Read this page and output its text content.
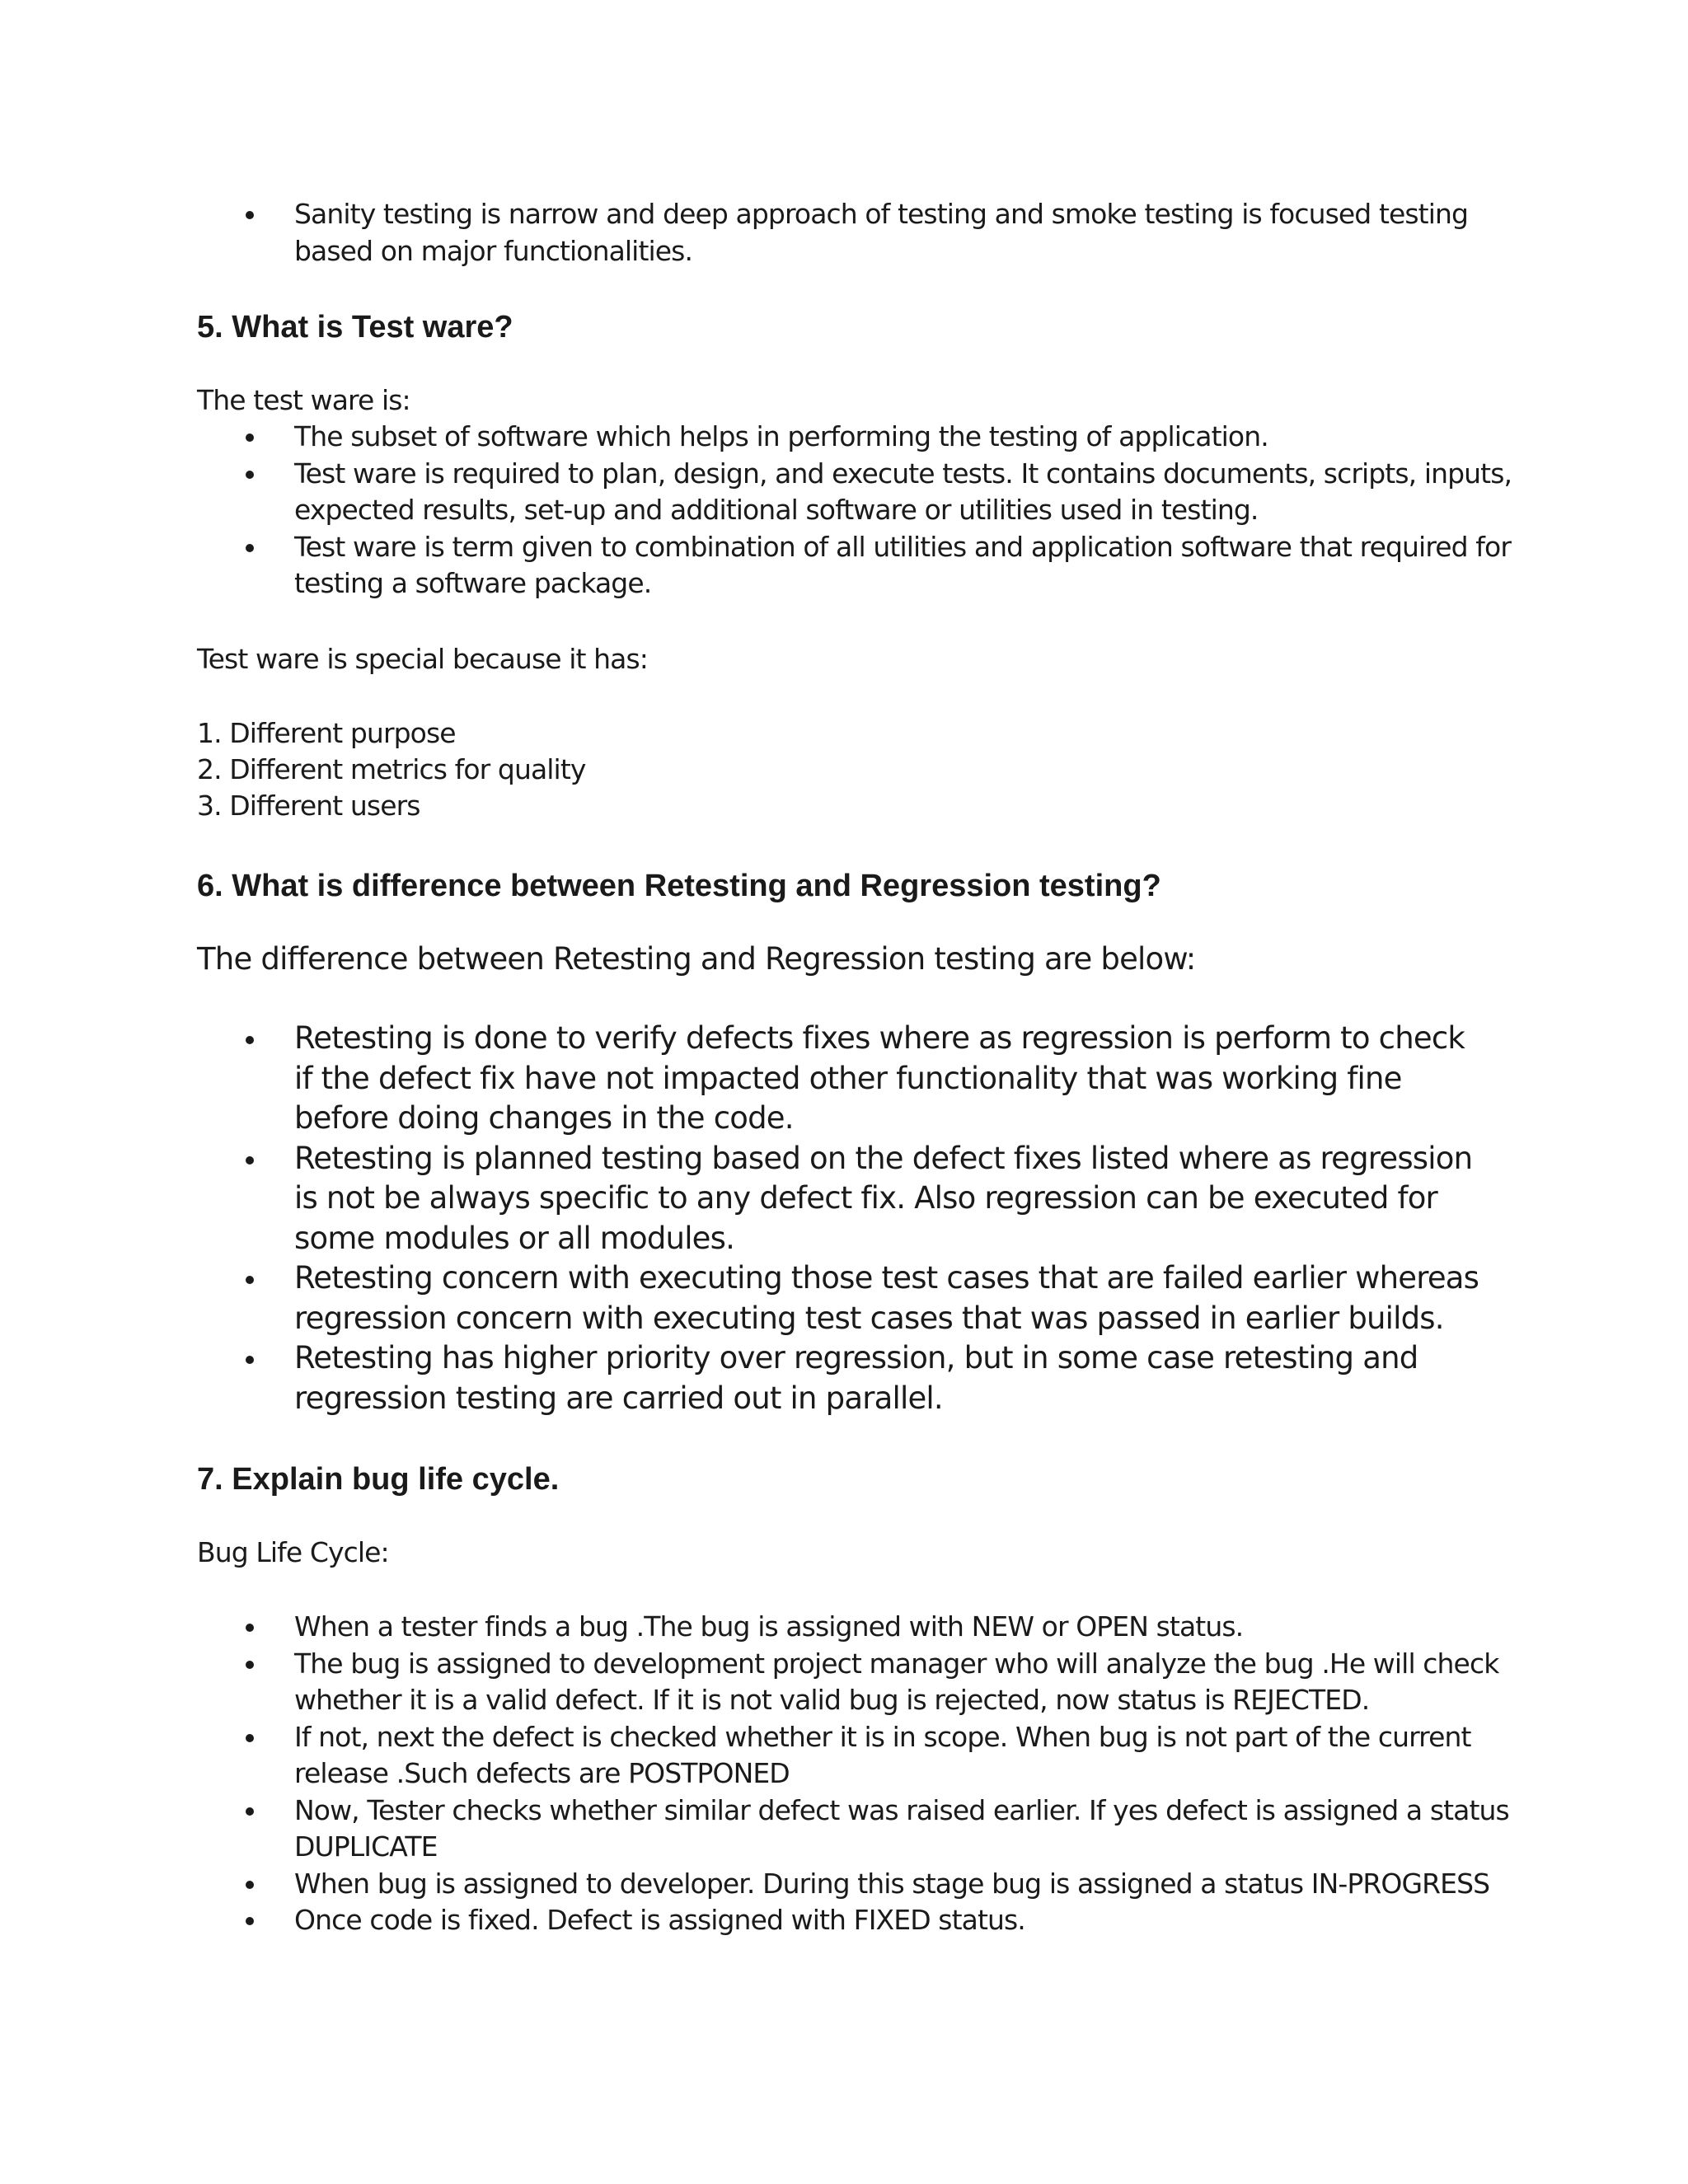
Sanity testing is narrow and deep approach of testing and smoke testing is focused testing based on major functionalities.
5. What is Test ware?

The test ware is:

The subset of software which helps in performing the testing of application.
Test ware is required to plan, design, and execute tests. It contains documents, scripts, inputs, expected results, set-up and additional software or utilities used in testing.
Test ware is term given to combination of all utilities and application software that required for testing a software package.

Test ware is special because it has:

1. Different purpose
2. Different metrics for quality
3. Different users
6. What is difference between Retesting and Regression testing?

The difference between Retesting and Regression testing are below:

Retesting is done to verify defects fixes where as regression is perform to check if the defect fix have not impacted other functionality that was working fine before doing changes in the code.
Retesting is planned testing based on the defect fixes listed where as regression is not be always specific to any defect fix. Also regression can be executed for some modules or all modules.
Retesting concern with executing those test cases that are failed earlier whereas regression concern with executing test cases that was passed in earlier builds.
Retesting has higher priority over regression, but in some case retesting and regression testing are carried out in parallel.
7. Explain bug life cycle.

Bug Life Cycle:

When a tester finds a bug .The bug is assigned with NEW or OPEN status.
The bug is assigned to development project manager who will analyze the bug .He will check whether it is a valid defect. If it is not valid bug is rejected, now status is REJECTED.
If not, next the defect is checked whether it is in scope. When bug is not part of the current release .Such defects are POSTPONED
Now, Tester checks whether similar defect was raised earlier. If yes defect is assigned a status DUPLICATE
When bug is assigned to developer. During this stage bug is assigned a status IN-PROGRESS
Once code is fixed. Defect is assigned with FIXED status.
